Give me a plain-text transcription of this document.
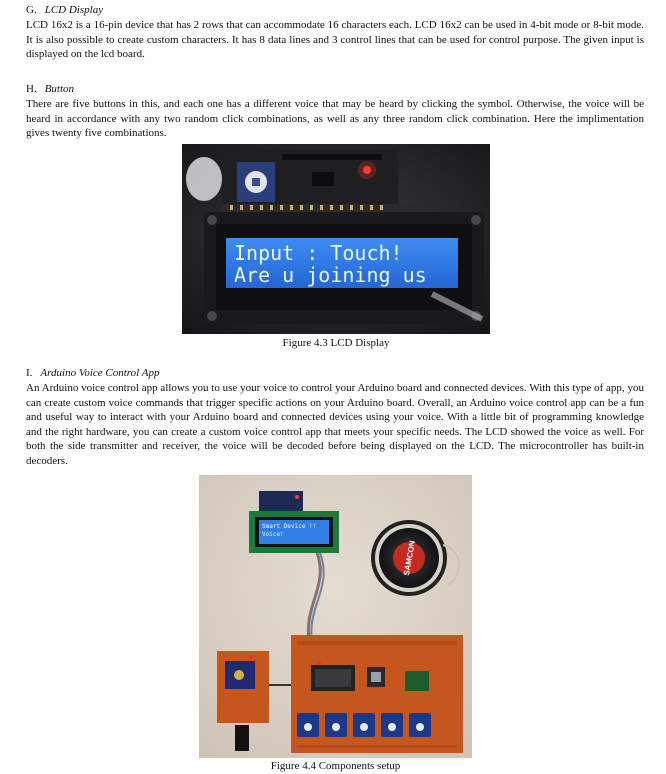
G. LCD Display

LCD 16x2 is a 16-pin device that has 2 rows that can accommodate 16 characters each. LCD 16x2 can be used in 4-bit mode or 8-bit mode. It is also possible to create custom characters. It has 8 data lines and 3 control lines that can be used for control purpose. The given input is displayed on the lcd board.

H. Button

There are five buttons in this, and each one has a different voice that may be heard by clicking the symbol. Otherwise, the voice will be heard in accordance with any two random click combinations, as well as any three random click combination. Here the implimentation gives twenty five combinations.

Input : Touch!
Are u joining us
Figure 4.3 LCD Display
I. Arduino Voice Control App

An Arduino voice control app allows you to use your voice to control your Arduino board and connected devices. With this type of app, you can create custom voice commands that trigger specific actions on your Arduino board. Overall, an Arduino voice control app can be a fun and useful way to interact with your Arduino board and connected devices using your voice. With a little bit of programming knowledge and the right hardware, you can create a custom voice control app that meets your specific needs. The LCD showed the voice as well. For both the side transmitter and receiver, the voice will be decoded before being displayed on the LCD. The microcontroller has built-in decoders.

Smart Device !!
Voice!
SAMCON
Figure 4.4 Components setup
